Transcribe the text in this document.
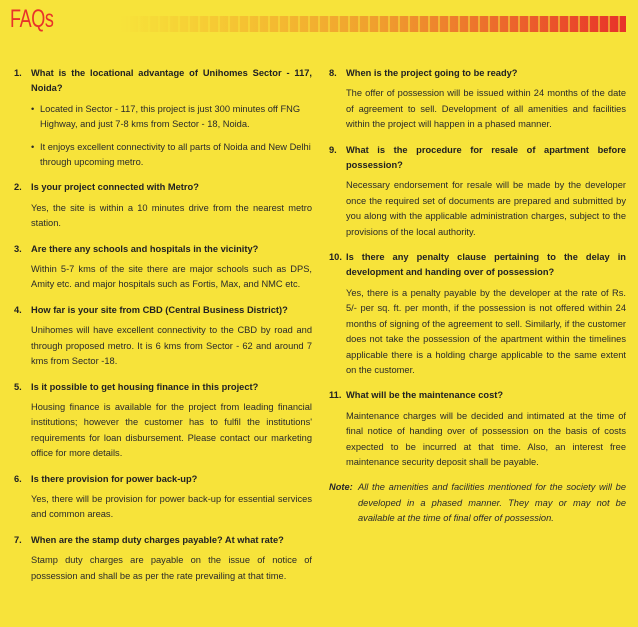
FAQs
1. What is the locational advantage of Unihomes Sector - 117, Noida?
• Located in Sector - 117, this project is just 300 minutes off FNG Highway, and just 7-8 kms from Sector - 18, Noida.
• It enjoys excellent connectivity to all parts of Noida and New Delhi through upcoming metro.
2. Is your project connected with Metro?
Yes, the site is within a 10 minutes drive from the nearest metro station.
3. Are there any schools and hospitals in the vicinity?
Within 5-7 kms of the site there are major schools such as DPS, Amity etc. and major hospitals such as Fortis, Max, and NMC etc.
4. How far is your site from CBD (Central Business District)?
Unihomes will have excellent connectivity to the CBD by road and through proposed metro. It is 6 kms from Sector - 62 and around 7 kms from Sector -18.
5. Is it possible to get housing finance in this project?
Housing finance is available for the project from leading financial institutions; however the customer has to fulfil the institutions' requirements for loan disbursement. Please contact our marketing office for more details.
6. Is there provision for power back-up?
Yes, there will be provision for power back-up for essential services and common areas.
7. When are the stamp duty charges payable? At what rate?
Stamp duty charges are payable on the issue of notice of possession and shall be as per the rate prevailing at that time.
8. When is the project going to be ready?
The offer of possession will be issued within 24 months of the date of agreement to sell. Development of all amenities and facilities within the project will happen in a phased manner.
9. What is the procedure for resale of apartment before possession?
Necessary endorsement for resale will be made by the developer once the required set of documents are prepared and submitted by you along with the applicable administration charges, subject to the provisions of the local authority.
10. Is there any penalty clause pertaining to the delay in development and handing over of possession?
Yes, there is a penalty payable by the developer at the rate of Rs. 5/- per sq. ft. per month, if the possession is not offered within 24 months of signing of the agreement to sell. Similarly, if the customer does not take the possession of the apartment within the timelines applicable there is a holding charge applicable to the same extent on the customer.
11. What will be the maintenance cost?
Maintenance charges will be decided and intimated at the time of final notice of handing over of possession on the basis of costs expected to be incurred at that time. Also, an interest free maintenance security deposit shall be payable.
Note: All the amenities and facilities mentioned for the society will be developed in a phased manner. They may or may not be available at the time of final offer of possession.
